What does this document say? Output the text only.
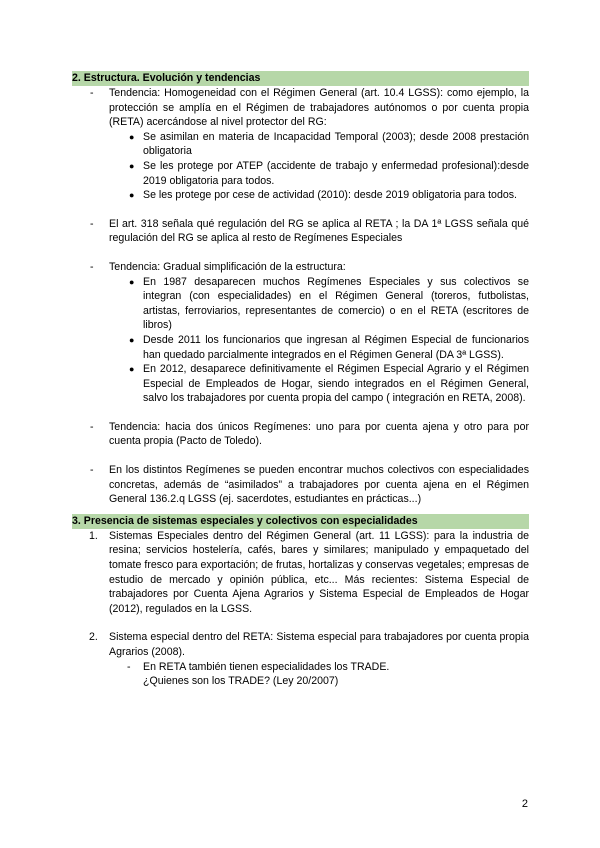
2. Estructura. Evolución y tendencias
- Tendencia: Homogeneidad con el Régimen General (art. 10.4 LGSS): como ejemplo, la protección se amplía en el Régimen de trabajadores autónomos o por cuenta propia (RETA) acercándose al nivel protector del RG:
● Se asimilan en materia de Incapacidad Temporal (2003); desde 2008 prestación obligatoria
● Se les protege por ATEP (accidente de trabajo y enfermedad profesional):desde 2019 obligatoria para todos.
● Se les protege por cese de actividad (2010): desde 2019 obligatoria para todos.
- El art. 318 señala qué regulación del RG se aplica al RETA ; la DA 1ª LGSS señala qué regulación del RG se aplica al resto de Regímenes Especiales
- Tendencia: Gradual simplificación de la estructura:
● En 1987 desaparecen muchos Regímenes Especiales y sus colectivos se integran (con especialidades) en el Régimen General (toreros, futbolistas, artistas, ferroviarios, representantes de comercio) o en el RETA (escritores de libros)
● Desde 2011 los funcionarios que ingresan al Régimen Especial de funcionarios han quedado parcialmente integrados en el Régimen General (DA 3ª LGSS).
● En 2012, desaparece definitivamente el Régimen Especial Agrario y el Régimen Especial de Empleados de Hogar, siendo integrados en el Régimen General, salvo los trabajadores por cuenta propia del campo ( integración en RETA, 2008).
- Tendencia: hacia dos únicos Regímenes: uno para por cuenta ajena y otro para por cuenta propia (Pacto de Toledo).
- En los distintos Regímenes se pueden encontrar muchos colectivos con especialidades concretas, además de “asimilados” a trabajadores por cuenta ajena en el Régimen General 136.2.q LGSS (ej. sacerdotes, estudiantes en prácticas...)
3. Presencia de sistemas especiales y colectivos con especialidades
1. Sistemas Especiales dentro del Régimen General (art. 11 LGSS): para la industria de resina; servicios hostelería, cafés, bares y similares; manipulado y empaquetado del tomate fresco para exportación; de frutas, hortalizas y conservas vegetales; empresas de estudio de mercado y opinión pública, etc... Más recientes: Sistema Especial de trabajadores por Cuenta Ajena Agrarios y Sistema Especial de Empleados de Hogar (2012), regulados en la LGSS.
2. Sistema especial dentro del RETA: Sistema especial para trabajadores por cuenta propia Agrarios (2008).
- En RETA también tienen especialidades los TRADE.
¿Quienes son los TRADE? (Ley 20/2007)
2
